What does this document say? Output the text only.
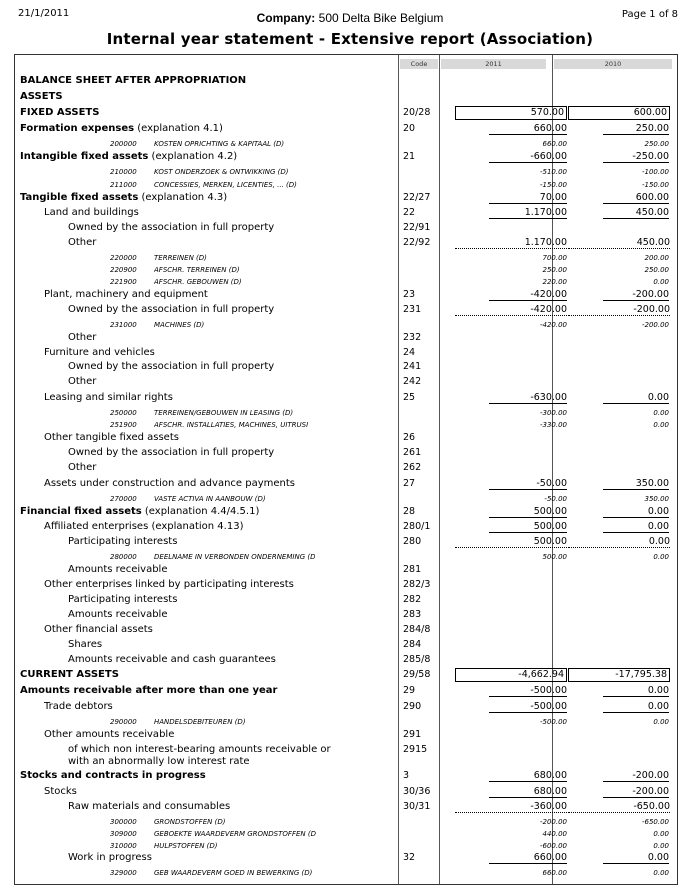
21/1/2011	Company: 500 Delta Bike Belgium	Page 1 of 8
Internal year statement - Extensive report (Association)
Code	2011	2010
BALANCE SHEET AFTER APPROPRIATION
ASSETS
FIXED ASSETS	20/28	570.00	600.00
Formation expenses (explanation 4.1)	20	660.00	250.00
200000 KOSTEN OPRICHTING & KAPITAAL (D)	660.00	250.00
Intangible fixed assets (explanation 4.2)	21	-660.00	-250.00
210000 KOST ONDERZOEK & ONTWIKKING (D)	-510.00	-100.00
211000 CONCESSIES, MERKEN, LICENTIES, ... (D)	-150.00	-150.00
Tangible fixed assets (explanation 4.3)	22/27	70.00	600.00
Land and buildings	22	1.170.00	450.00
Owned by the association in full property	22/91
Other	22/92	1.170.00	450.00
220000 TERREINEN (D)	700.00	200.00
220900 AFSCHR. TERREINEN (D)	250.00	250.00
221900 AFSCHR. GEBOUWEN (D)	220.00	0.00
Plant, machinery and equipment	23	-420.00	-200.00
Owned by the association in full property	231	-420.00	-200.00
231000 MACHINES (D)	-420.00	-200.00
Other	232
Furniture and vehicles	24
Owned by the association in full property	241
Other	242
Leasing and similar rights	25	-630.00	0.00
250000 TERREINEN/GEBOUWEN IN LEASING (D)	-300.00	0.00
251900 AFSCHR. INSTALLATIES, MACHINES, UITRUSI	-330.00	0.00
Other tangible fixed assets	26
Owned by the association in full property	261
Other	262
Assets under construction and advance payments	27	-50.00	350.00
270000 VASTE ACTIVA IN AANBOUW (D)	-50.00	350.00
Financial fixed assets (explanation 4.4/4.5.1)	28	500.00	0.00
Affiliated enterprises (explanation 4.13)	280/1	500.00	0.00
Participating interests	280	500.00	0.00
280000 DEELNAME IN VERBONDEN ONDERNEMING (D	500.00	0.00
Amounts receivable	281
Other enterprises linked by participating interests	282/3
Participating interests	282
Amounts receivable	283
Other financial assets	284/8
Shares	284
Amounts receivable and cash guarantees	285/8
CURRENT ASSETS	29/58	-4,662.94	-17,795.38
Amounts receivable after more than one year	29	-500.00	0.00
Trade debtors	290	-500.00	0.00
290000 HANDELSDEBITEUREN (D)	-500.00	0.00
Other amounts receivable	291
of which non interest-bearing amounts receivable or	2915
with an abnormally low interest rate
Stocks and contracts in progress	3	680.00	-200.00
Stocks	30/36	680.00	-200.00
Raw materials and consumables	30/31	-360.00	-650.00
300000 GRONDSTOFFEN (D)	-200.00	-650.00
309000 GEBOEKTE WAARDEVERM GRONDSTOFFEN (D	440.00	0.00
310000 HULPSTOFFEN (D)	-600.00	0.00
Work in progress	32	660.00	0.00
329000 GEB WAARDEVERM GOED IN BEWERKING (D)	660.00	0.00
